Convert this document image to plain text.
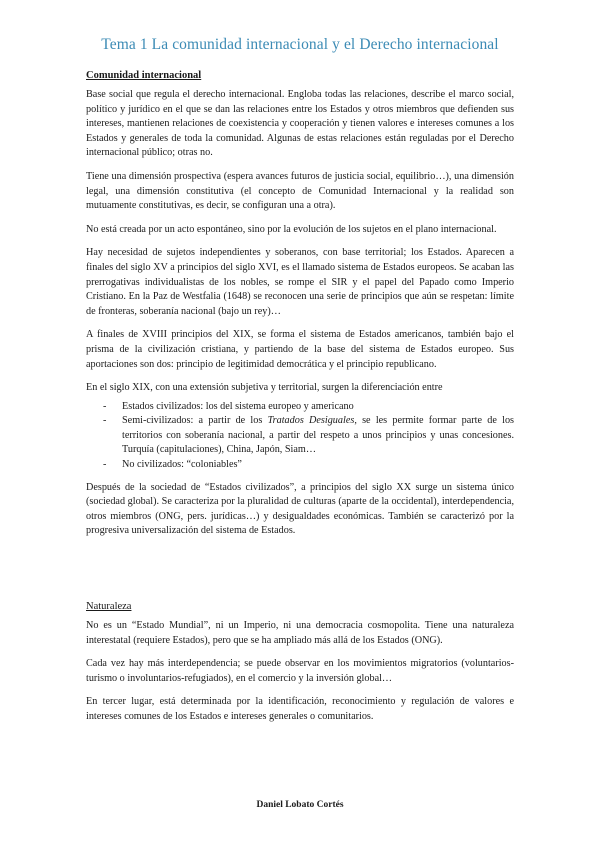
Tema 1 La comunidad internacional y el Derecho internacional
Comunidad internacional

Base social que regula el derecho internacional. Engloba todas las relaciones, describe el marco social, político y jurídico en el que se dan las relaciones entre los Estados y otros miembros que defienden sus intereses, mantienen relaciones de coexistencia y cooperación y tienen valores e intereses comunes a los Estados y generales de toda la comunidad. Algunas de estas relaciones están reguladas por el Derecho internacional público; otras no.

Tiene una dimensión prospectiva (espera avances futuros de justicia social, equilibrio…), una dimensión legal, una dimensión constitutiva (el concepto de Comunidad Internacional y la realidad son mutuamente constitutivas, es decir, se configuran una a otra).

No está creada por un acto espontáneo, sino por la evolución de los sujetos en el plano internacional.

Hay necesidad de sujetos independientes y soberanos, con base territorial; los Estados. Aparecen a finales del siglo XV a principios del siglo XVI, es el llamado sistema de Estados europeos. Se acaban las prerrogativas individualistas de los nobles, se rompe el SIR y el papel del Papado como Imperio Cristiano. En la Paz de Westfalia (1648) se reconocen una serie de principios que aún se respetan: límite de fronteras, soberanía nacional (bajo un rey)…

A finales de XVIII principios del XIX, se forma el sistema de Estados americanos, también bajo el prisma de la civilización cristiana, y partiendo de la base del sistema de Estados europeo. Sus aportaciones son dos: principio de legitimidad democrática y el principio republicano.

En el siglo XIX, con una extensión subjetiva y territorial, surgen la diferenciación entre

- Estados civilizados: los del sistema europeo y americano
- Semi-civilizados: a partir de los Tratados Desiguales, se les permite formar parte de los territorios con soberanía nacional, a partir del respeto a unos principios y unas concesiones. Turquía (capitulaciones), China, Japón, Siam…
- No civilizados: “coloniables”

Después de la sociedad de “Estados civilizados”, a principios del siglo XX surge un sistema único (sociedad global). Se caracteriza por la pluralidad de culturas (aparte de la occidental), interdependencia, otros miembros (ONG, pers. jurídicas…) y desigualdades económicas. También se caracterizó por la progresiva universalización del sistema de Estados.

Naturaleza

No es un “Estado Mundial”, ni un Imperio, ni una democracia cosmopolita. Tiene una naturaleza interestatal (requiere Estados), pero que se ha ampliado más allá de los Estados (ONG).

Cada vez hay más interdependencia; se puede observar en los movimientos migratorios (voluntarios-turismo o involuntarios-refugiados), en el comercio y la inversión global…

En tercer lugar, está determinada por la identificación, reconocimiento y regulación de valores e intereses comunes de los Estados e intereses generales o comunitarios.

Daniel Lobato Cortés
